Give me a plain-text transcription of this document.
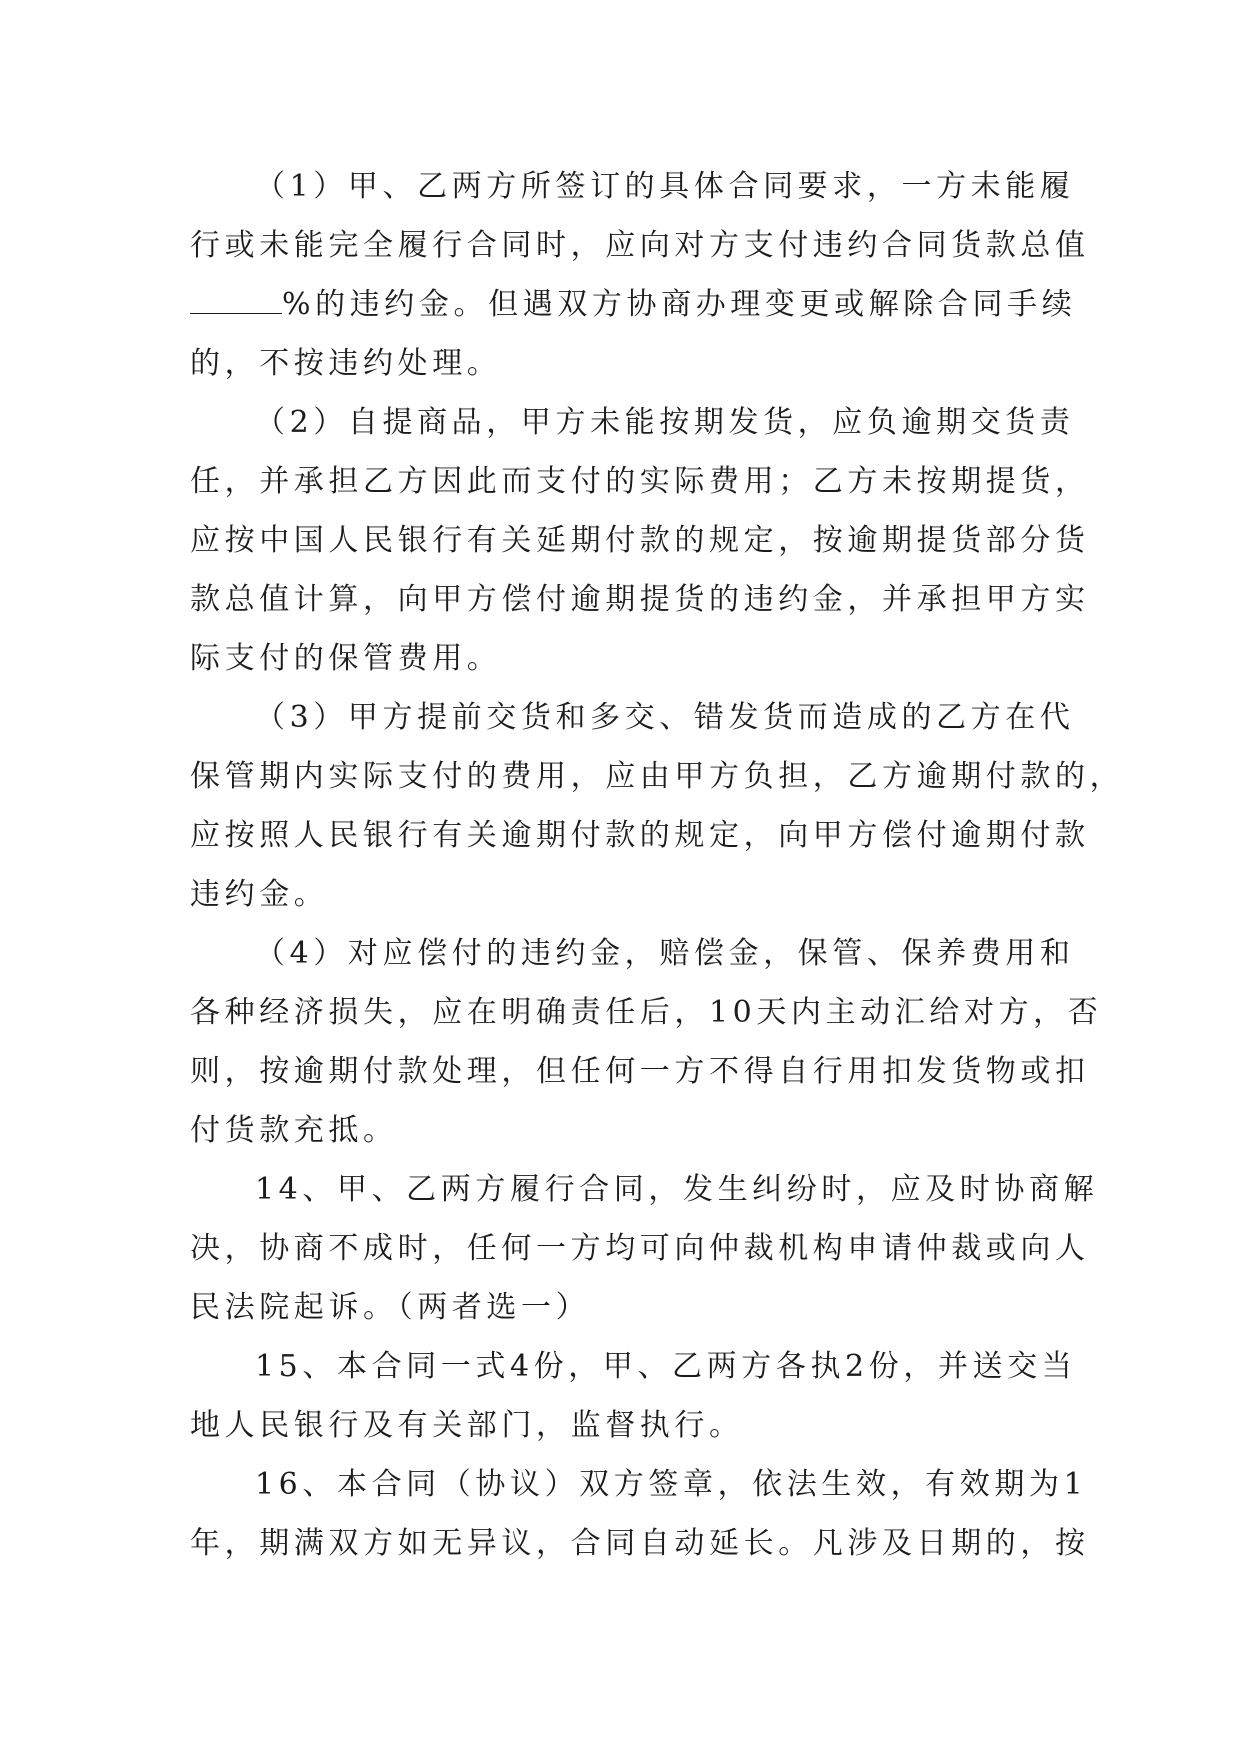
（1）甲、乙两方所签订的具体合同要求，一方未能履

行或未能完全履行合同时，应向对方支付违约合同货款总值

%的违约金。但遇双方协商办理变更或解除合同手续

的，不按违约处理。

（2）自提商品，甲方未能按期发货，应负逾期交货责

任，并承担乙方因此而支付的实际费用；乙方未按期提货，

应按中国人民银行有关延期付款的规定，按逾期提货部分货

款总值计算，向甲方偿付逾期提货的违约金，并承担甲方实

际支付的保管费用。

（3）甲方提前交货和多交、错发货而造成的乙方在代

保管期内实际支付的费用，应由甲方负担，乙方逾期付款的，

应按照人民银行有关逾期付款的规定，向甲方偿付逾期付款

违约金。

（4）对应偿付的违约金，赔偿金，保管、保养费用和

各种经济损失，应在明确责任后，10天内主动汇给对方，否

则，按逾期付款处理，但任何一方不得自行用扣发货物或扣

付货款充抵。

14、甲、乙两方履行合同，发生纠纷时，应及时协商解

决，协商不成时，任何一方均可向仲裁机构申请仲裁或向人

民法院起诉。（两者选一）

15、本合同一式4份，甲、乙两方各执2份，并送交当

地人民银行及有关部门，监督执行。

16、本合同（协议）双方签章，依法生效，有效期为1

年，期满双方如无异议，合同自动延长。凡涉及日期的，按
